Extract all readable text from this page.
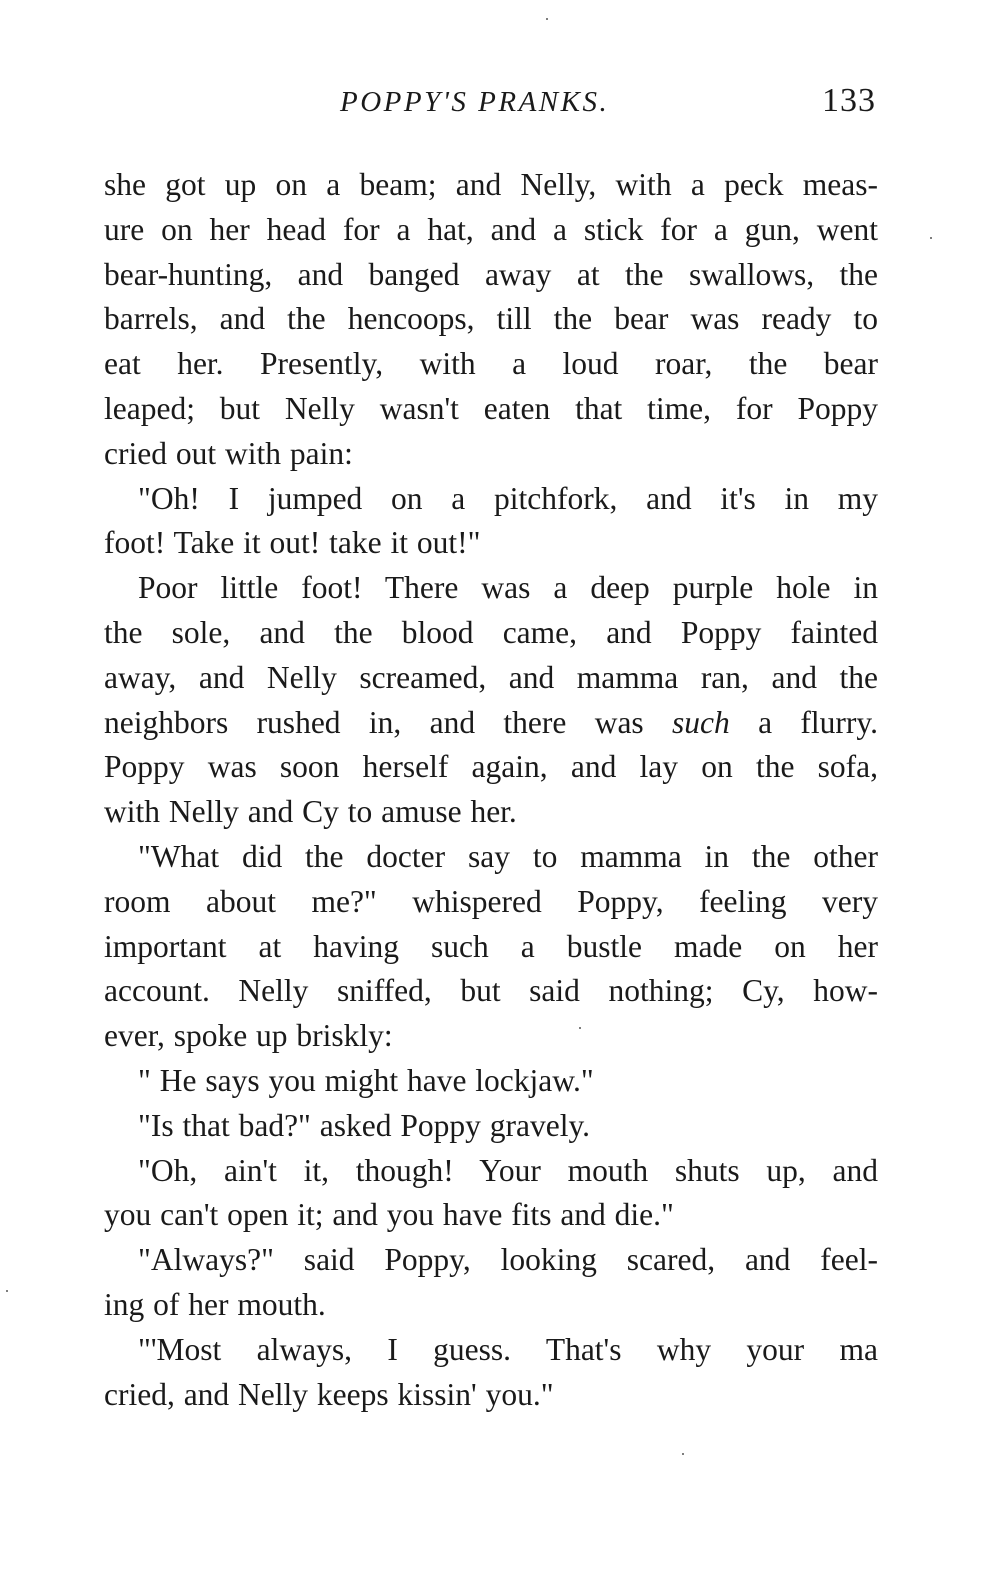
POPPY'S PRANKS.	133
she got up on a beam; and Nelly, with a peck meas-
ure on her head for a hat, and a stick for a gun, went
bear-hunting, and banged away at the swallows, the
barrels, and the hencoops, till the bear was ready to
eat her. Presently, with a loud roar, the bear
leaped; but Nelly wasn't eaten that time, for Poppy
cried out with pain:
"Oh! I jumped on a pitchfork, and it's in my
foot! Take it out! take it out!"
Poor little foot! There was a deep purple hole in
the sole, and the blood came, and Poppy fainted
away, and Nelly screamed, and mamma ran, and the
neighbors rushed in, and there was such a flurry.
Poppy was soon herself again, and lay on the sofa,
with Nelly and Cy to amuse her.
"What did the docter say to mamma in the other
room about me?" whispered Poppy, feeling very
important at having such a bustle made on her
account. Nelly sniffed, but said nothing; Cy, how-
ever, spoke up briskly:
" He says you might have lockjaw."
"Is that bad?" asked Poppy gravely.
"Oh, ain't it, though! Your mouth shuts up, and
you can't open it; and you have fits and die."
"Always?" said Poppy, looking scared, and feel-
ing of her mouth.
"'Most always, I guess. That's why your ma
cried, and Nelly keeps kissin' you."
